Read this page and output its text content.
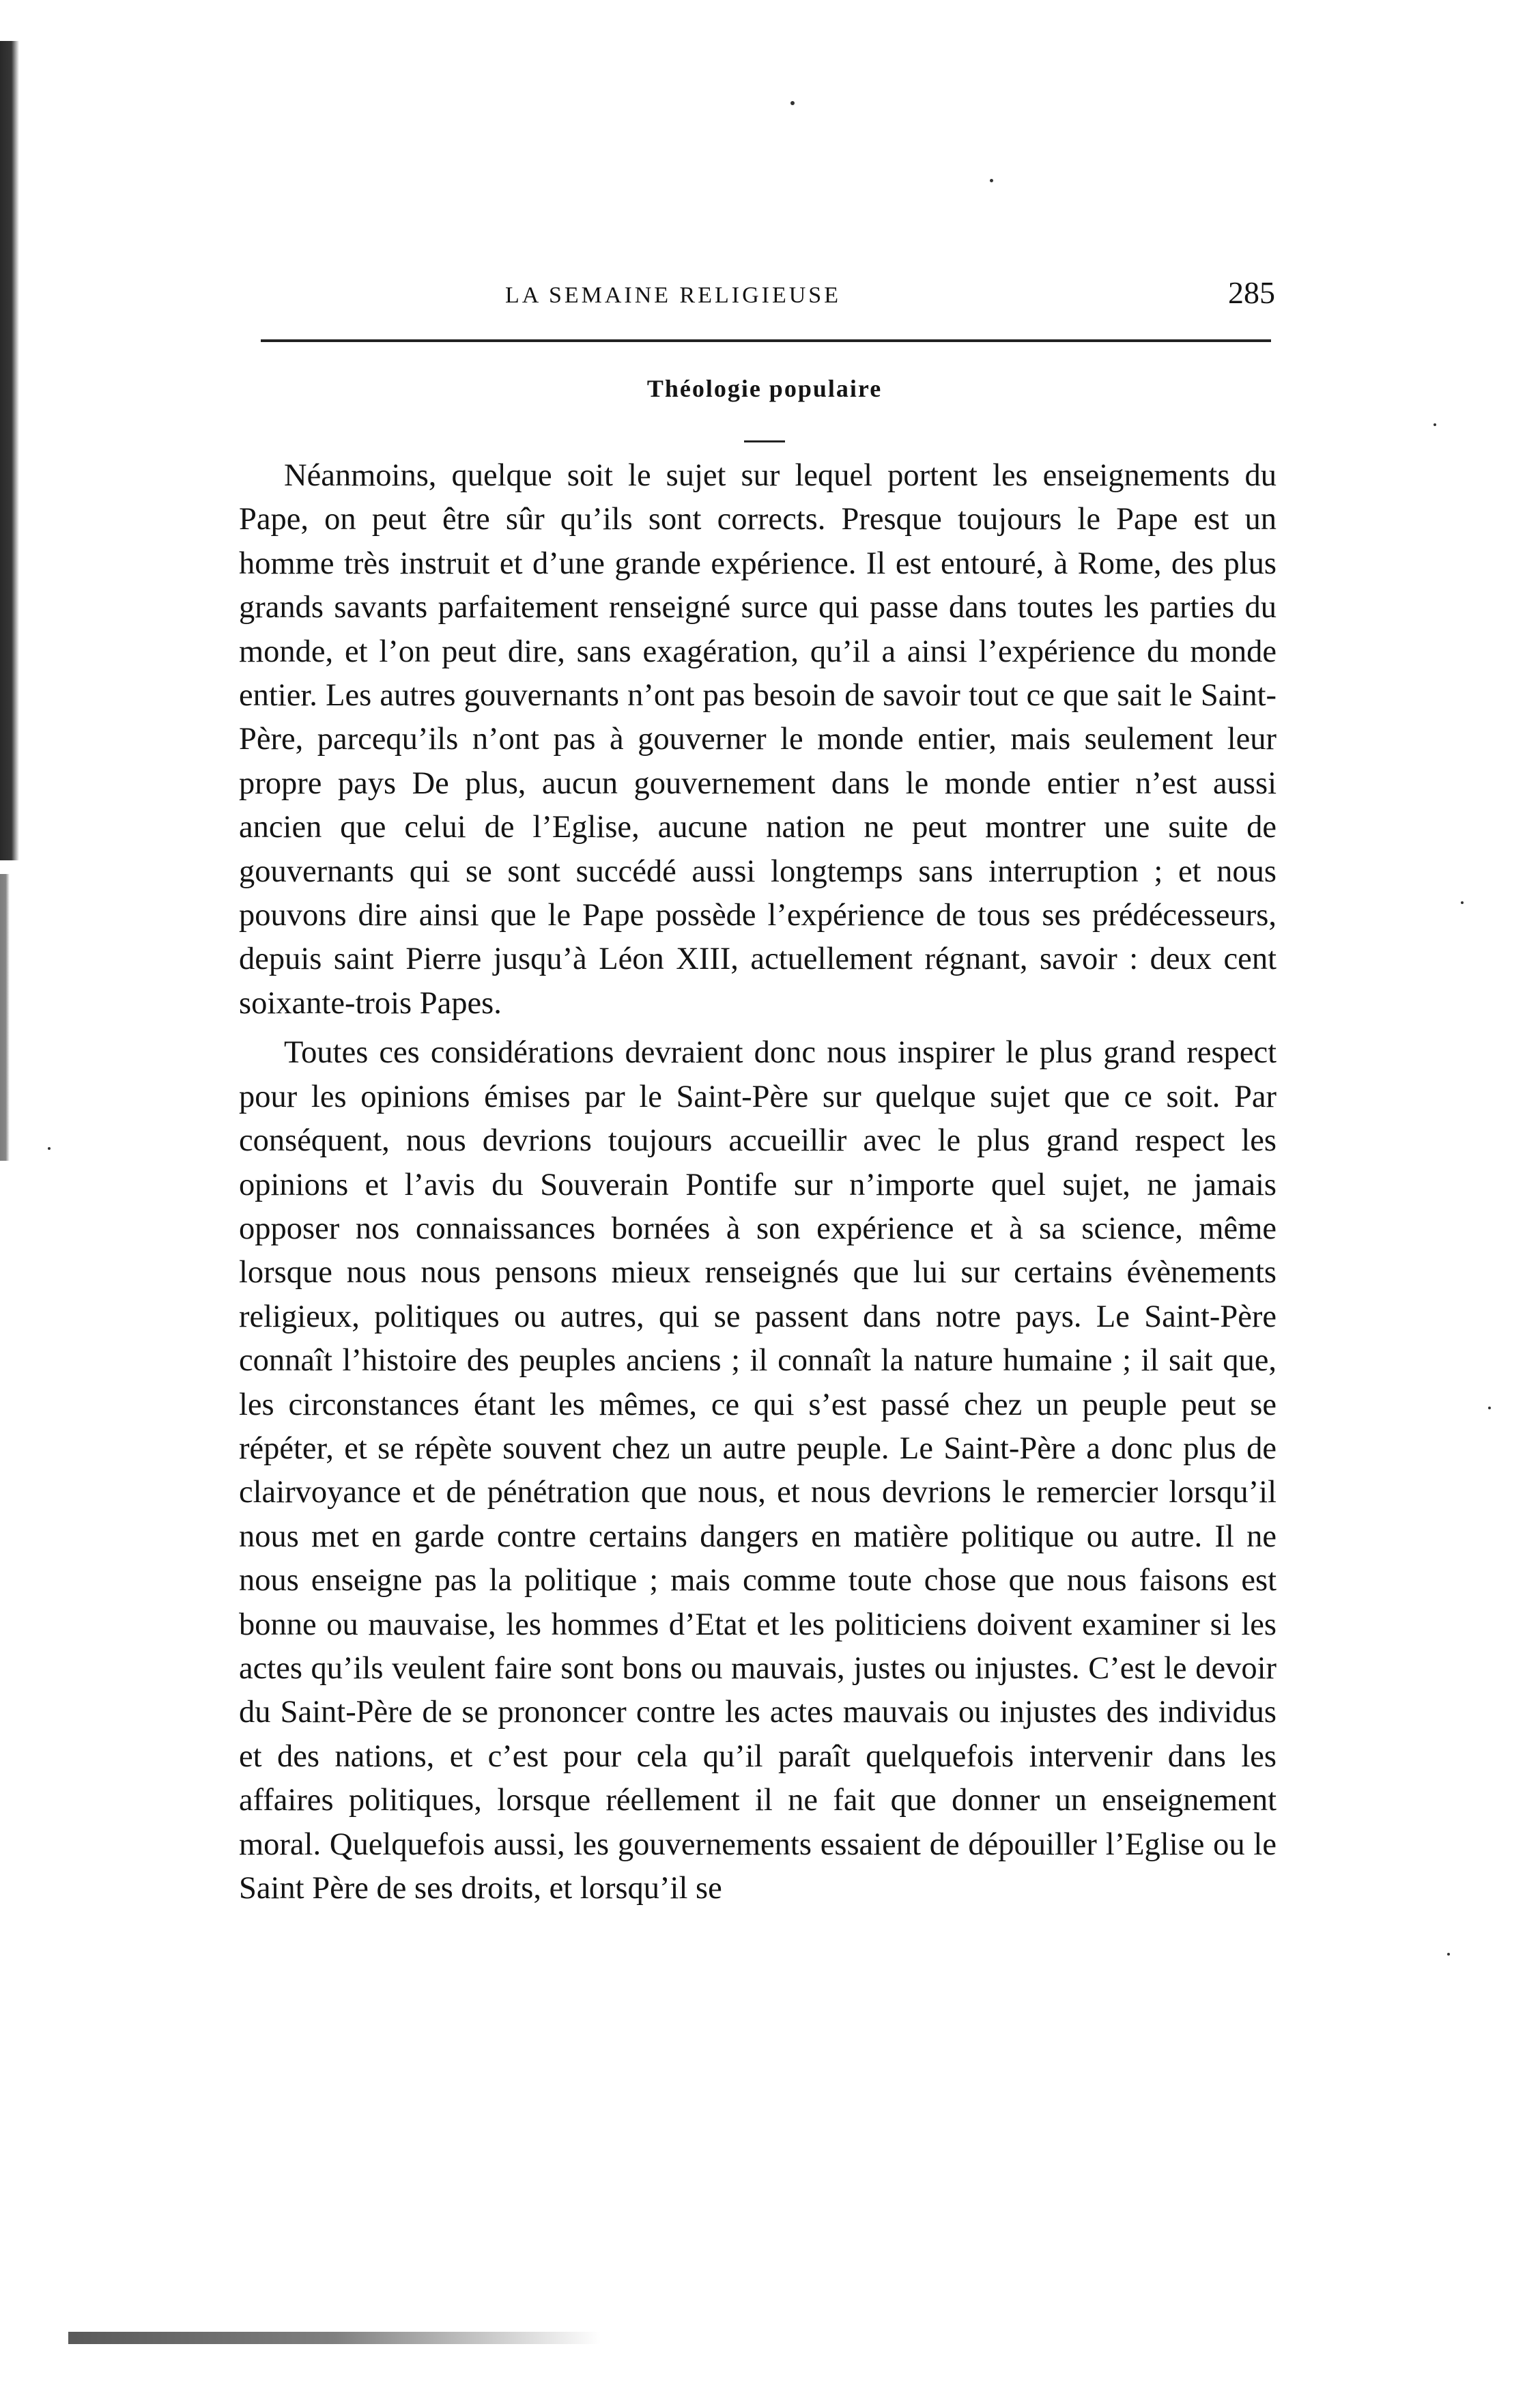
LA SEMAINE RELIGIEUSE	285
Théologie populaire

Néanmoins, quelque soit le sujet sur lequel portent les enseignements du Pape, on peut être sûr qu’ils sont corrects. Presque toujours le Pape est un homme très instruit et d’une grande expérience. Il est entouré, à Rome, des plus grands savants parfaitement renseigné surce qui passe dans toutes les parties du monde, et l’on peut dire, sans exagération, qu’il a ainsi l’expérience du monde entier. Les autres gouvernants n’ont pas besoin de savoir tout ce que sait le Saint-Père, parcequ’ils n’ont pas à gouverner le monde entier, mais seulement leur propre pays De plus, aucun gouvernement dans le monde entier n’est aussi ancien que celui de l’Eglise, aucune nation ne peut montrer une suite de gouvernants qui se sont succédé aussi longtemps sans interruption ; et nous pouvons dire ainsi que le Pape possède l’expérience de tous ses prédécesseurs, depuis saint Pierre jusqu’à Léon XIII, actuellement régnant, savoir : deux cent soixante-trois Papes.

Toutes ces considérations devraient donc nous inspirer le plus grand respect pour les opinions émises par le Saint-Père sur quelque sujet que ce soit. Par conséquent, nous devrions toujours accueillir avec le plus grand respect les opinions et l’avis du Souverain Pontife sur n’importe quel sujet, ne jamais opposer nos connaissances bornées à son expérience et à sa science, même lorsque nous nous pensons mieux renseignés que lui sur certains évènements religieux, politiques ou autres, qui se passent dans notre pays. Le Saint-Père connaît l’histoire des peuples anciens ; il connaît la nature humaine ; il sait que, les circonstances étant les mêmes, ce qui s’est passé chez un peuple peut se répéter, et se répète souvent chez un autre peuple. Le Saint-Père a donc plus de clairvoyance et de pénétration que nous, et nous devrions le remercier lorsqu’il nous met en garde contre certains dangers en matière politique ou autre. Il ne nous enseigne pas la politique ; mais comme toute chose que nous faisons est bonne ou mauvaise, les hommes d’Etat et les politiciens doivent examiner si les actes qu’ils veulent faire sont bons ou mauvais, justes ou injustes. C’est le devoir du Saint-Père de se prononcer contre les actes mauvais ou injustes des individus et des nations, et c’est pour cela qu’il paraît quelquefois intervenir dans les affaires politiques, lorsque réellement il ne fait que donner un enseignement moral. Quelquefois aussi, les gouvernements essaient de dépouiller l’Eglise ou le Saint Père de ses droits, et lorsqu’il se
